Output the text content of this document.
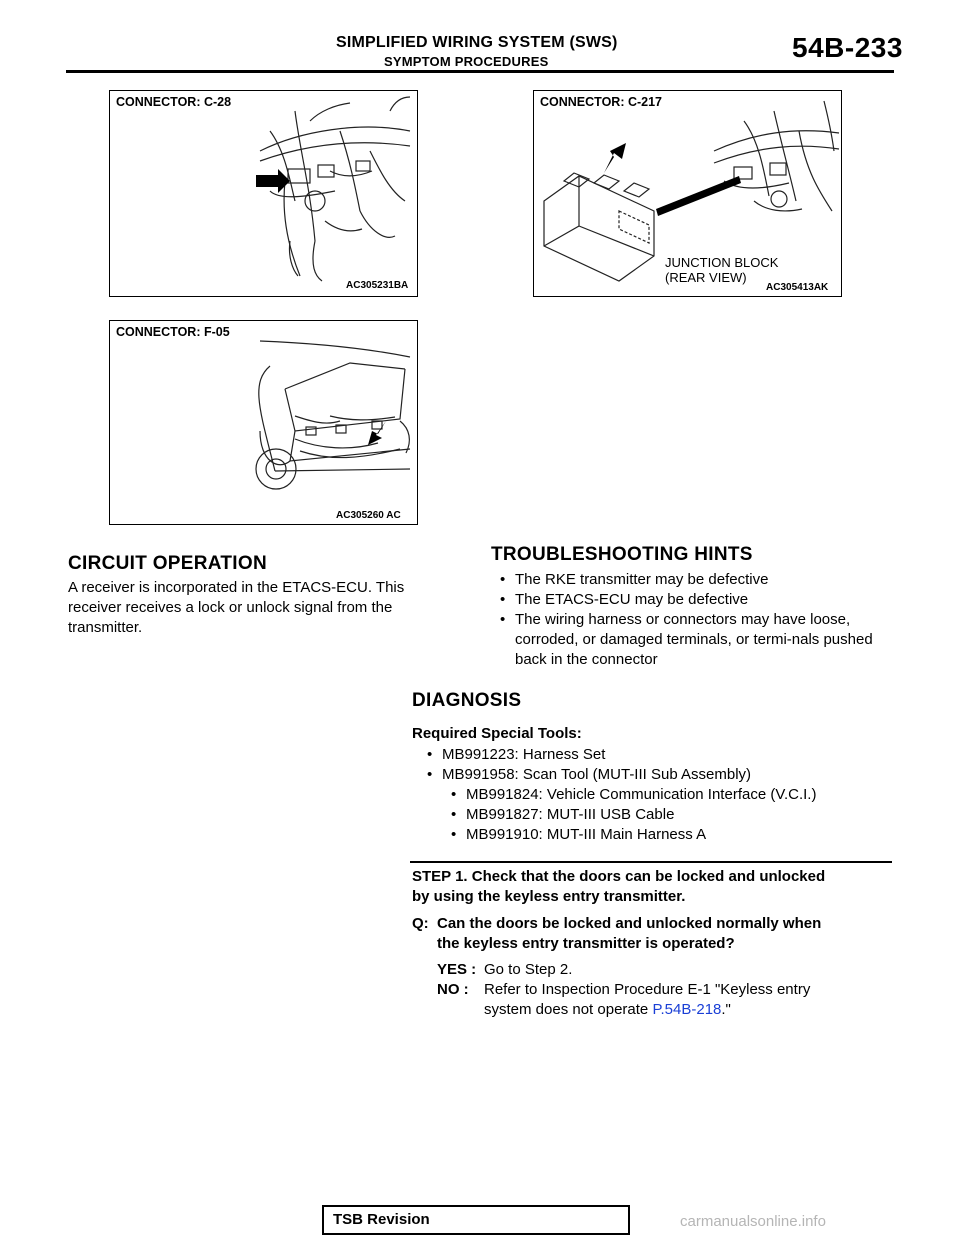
SIMPLIFIED WIRING SYSTEM (SWS)
SYMPTOM PROCEDURES	54B-233
CONNECTOR: C-28
AC305231BA
CONNECTOR: C-217
JUNCTION BLOCK
(REAR VIEW)
AC305413AK
CONNECTOR: F-05
AC305260 AC
CIRCUIT OPERATION
A receiver is incorporated in the ETACS-ECU. This
receiver receives a lock or unlock signal from the
transmitter.
TROUBLESHOOTING HINTS
• The RKE transmitter may be defective
• The ETACS-ECU may be defective
• The wiring harness or connectors may have loose, corroded, or damaged terminals, or termi-nals pushed back in the connector
DIAGNOSIS
Required Special Tools:
• MB991223: Harness Set
• MB991958: Scan Tool (MUT-III Sub Assembly)
• MB991824: Vehicle Communication Interface (V.C.I.)
• MB991827: MUT-III USB Cable
• MB991910: MUT-III Main Harness A
STEP 1. Check that the doors can be locked and unlocked
by using the keyless entry transmitter.
Q: Can the doors be locked and unlocked normally when
the keyless entry transmitter is operated?
YES : Go to Step 2.
NO : Refer to Inspection Procedure E-1 "Keyless entry
system does not operate P.54B-218."
TSB Revision	carmanualsonline.info
